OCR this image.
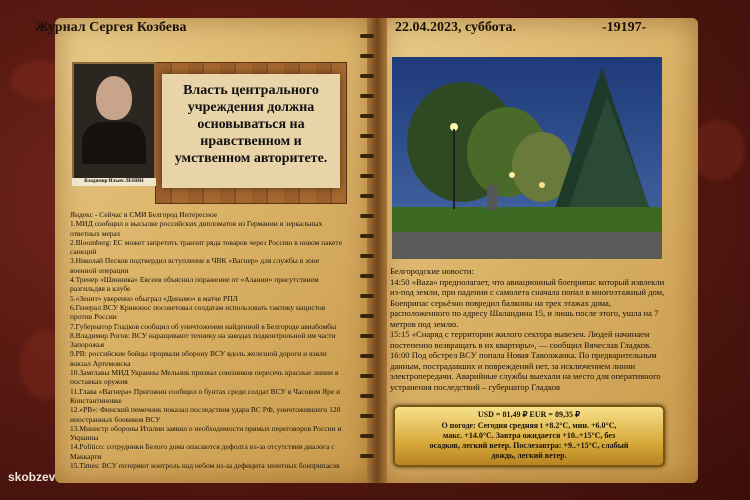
Журнал Сергея Козбева	22.04.2023, суббота.	-19197-
Владимир Ильич ЛЕНИН
Власть центрального учреждения должна основываться на нравственном и умственном авторитете.
Яндекс - Сейчас в СМИ Белгород Интересное
1.МИД сообщил о высылке российских дипломатов из Германии и зеркальных ответных мерах
2.Bloomberg: ЕС может запретить транзит ряда товаров через Россию в новом пакете санкций
3.Николай Песков подтвердил вступление в ЧВК «Вагнер» для службы в зоне военной операции
4.Тренер «Шинника» Евсеев объяснил поражение от «Алании» присутствием разгильдяя в клубе
5.«Зенит» уверенно обыграл «Динамо» в матче РПЛ
6.Генерал ВСУ Кривонос посоветовал солдатам использовать тактику нацистов против России
7.Губернатор Гладков сообщил об уничтожении найденной в Белгороде авиабомбы
8.Владимир Рогов: ВСУ наращивают технику на заводах подконтрольной им части Запорожья
9.РВ: российские бойцы прорвали оборону ВСУ вдоль железной дороги и взяли вокзал Артемовска
10.Замглавы МИД Украины Мельник призвал союзников пересечь красные линии в поставках оружия
11.Глава «Вагнера» Пригожин сообщил о бунтах среди солдат ВСУ в Часовом Яре и Константиновке
12.«РВ»: Финский пемечник показал последствия удара ВС РФ, уничтожившего 120 иностранных боевиков ВСУ
13.Министр обороны Италии заявил о необходимости прямых переговоров России и Украины
14.Politico: сотрудники Белого дома опасаются дефолта из-за отсутствия диалога с Маккарти
15.Times: ВСУ потеряют контроль над небом из-за дефицита зенитных боеприпасов
Белгородские новости:
14:50 «Baza» предполагает, что авиационный боеприпас который извлекли из-под земли, при падении с самолета сначала попал в многоэтажный дом, Боеприпас серьёзно повредил балконы на трех этажах дома, расположенного по адресу Шаландина 15, и лишь после этого, ушла на 7 метров под землю.
15:15 «Снаряд с территории жилого сектора вывезен. Людей начинаем постепенно возвращать в их квартиры», — сообщил Вячеслав Гладков.
16:00 Под обстрел ВСУ попала Новая Таволжанка. По предварительным данным, пострадавших и повреждений нет, за исключением линии электропередачи. Аварийные службы выехали на место для оперативного устранения последствий – губернатор Гладков
USD = 81,49 ₽ EUR = 89,35 ₽
О погоде: Сегодня средняя t +8.2°C, мин. +6.0°C,
макс. +14.0°C. Завтра ожидается +10..+15°C, без
осадков, легкий ветер. Послезавтра: +9..+15°C, слабый
дождь, легкий ветер.
skobzev
